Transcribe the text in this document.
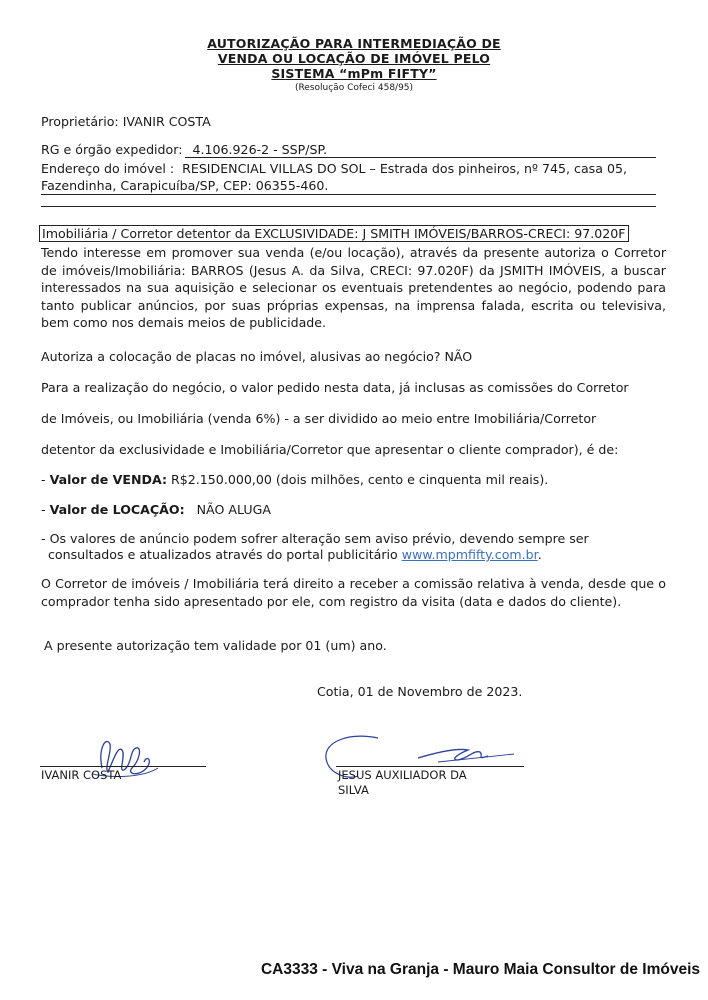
AUTORIZAÇÃO PARA INTERMEDIAÇÃO DE
VENDA OU LOCAÇÃO DE IMÓVEL PELO
SISTEMA “mPm FIFTY”
(Resolução Cofeci 458/95)
Proprietário: IVANIR COSTA
RG e órgão expedidor: 4.106.926-2 - SSP/SP.
Endereço do imóvel : RESIDENCIAL VILLAS DO SOL – Estrada dos pinheiros, nº 745, casa 05,
Fazendinha, Carapicuíba/SP, CEP: 06355-460.
Imobiliária / Corretor detentor da EXCLUSIVIDADE: J SMITH IMÓVEIS/BARROS-CRECI: 97.020F
Tendo interesse em promover sua venda (e/ou locação), através da presente autoriza o Corretor de imóveis/Imobiliária: BARROS (Jesus A. da Silva, CRECI: 97.020F) da JSMITH IMÓVEIS, a buscar interessados na sua aquisição e selecionar os eventuais pretendentes ao negócio, podendo para tanto publicar anúncios, por suas próprias expensas, na imprensa falada, escrita ou televisiva, bem como nos demais meios de publicidade.
Autoriza a colocação de placas no imóvel, alusivas ao negócio? NÃO
Para a realização do negócio, o valor pedido nesta data, já inclusas as comissões do Corretor
de Imóveis, ou Imobiliária (venda 6%) - a ser dividido ao meio entre Imobiliária/Corretor
detentor da exclusividade e Imobiliária/Corretor que apresentar o cliente comprador), é de:
- Valor de VENDA: R$2.150.000,00 (dois milhões, cento e cinquenta mil reais).
- Valor de LOCAÇÃO: NÃO ALUGA
- Os valores de anúncio podem sofrer alteração sem aviso prévio, devendo sempre ser
consultados e atualizados através do portal publicitário www.mpmfifty.com.br.
O Corretor de imóveis / Imobiliária terá direito a receber a comissão relativa à venda, desde que o comprador tenha sido apresentado por ele, com registro da visita (data e dados do cliente).
A presente autorização tem validade por 01 (um) ano.
Cotia, 01 de Novembro de 2023.
IVANIR COSTA	JESUS AUXILIADOR DA
SILVA
CA3333 - Viva na Granja - Mauro Maia Consultor de Imóveis
